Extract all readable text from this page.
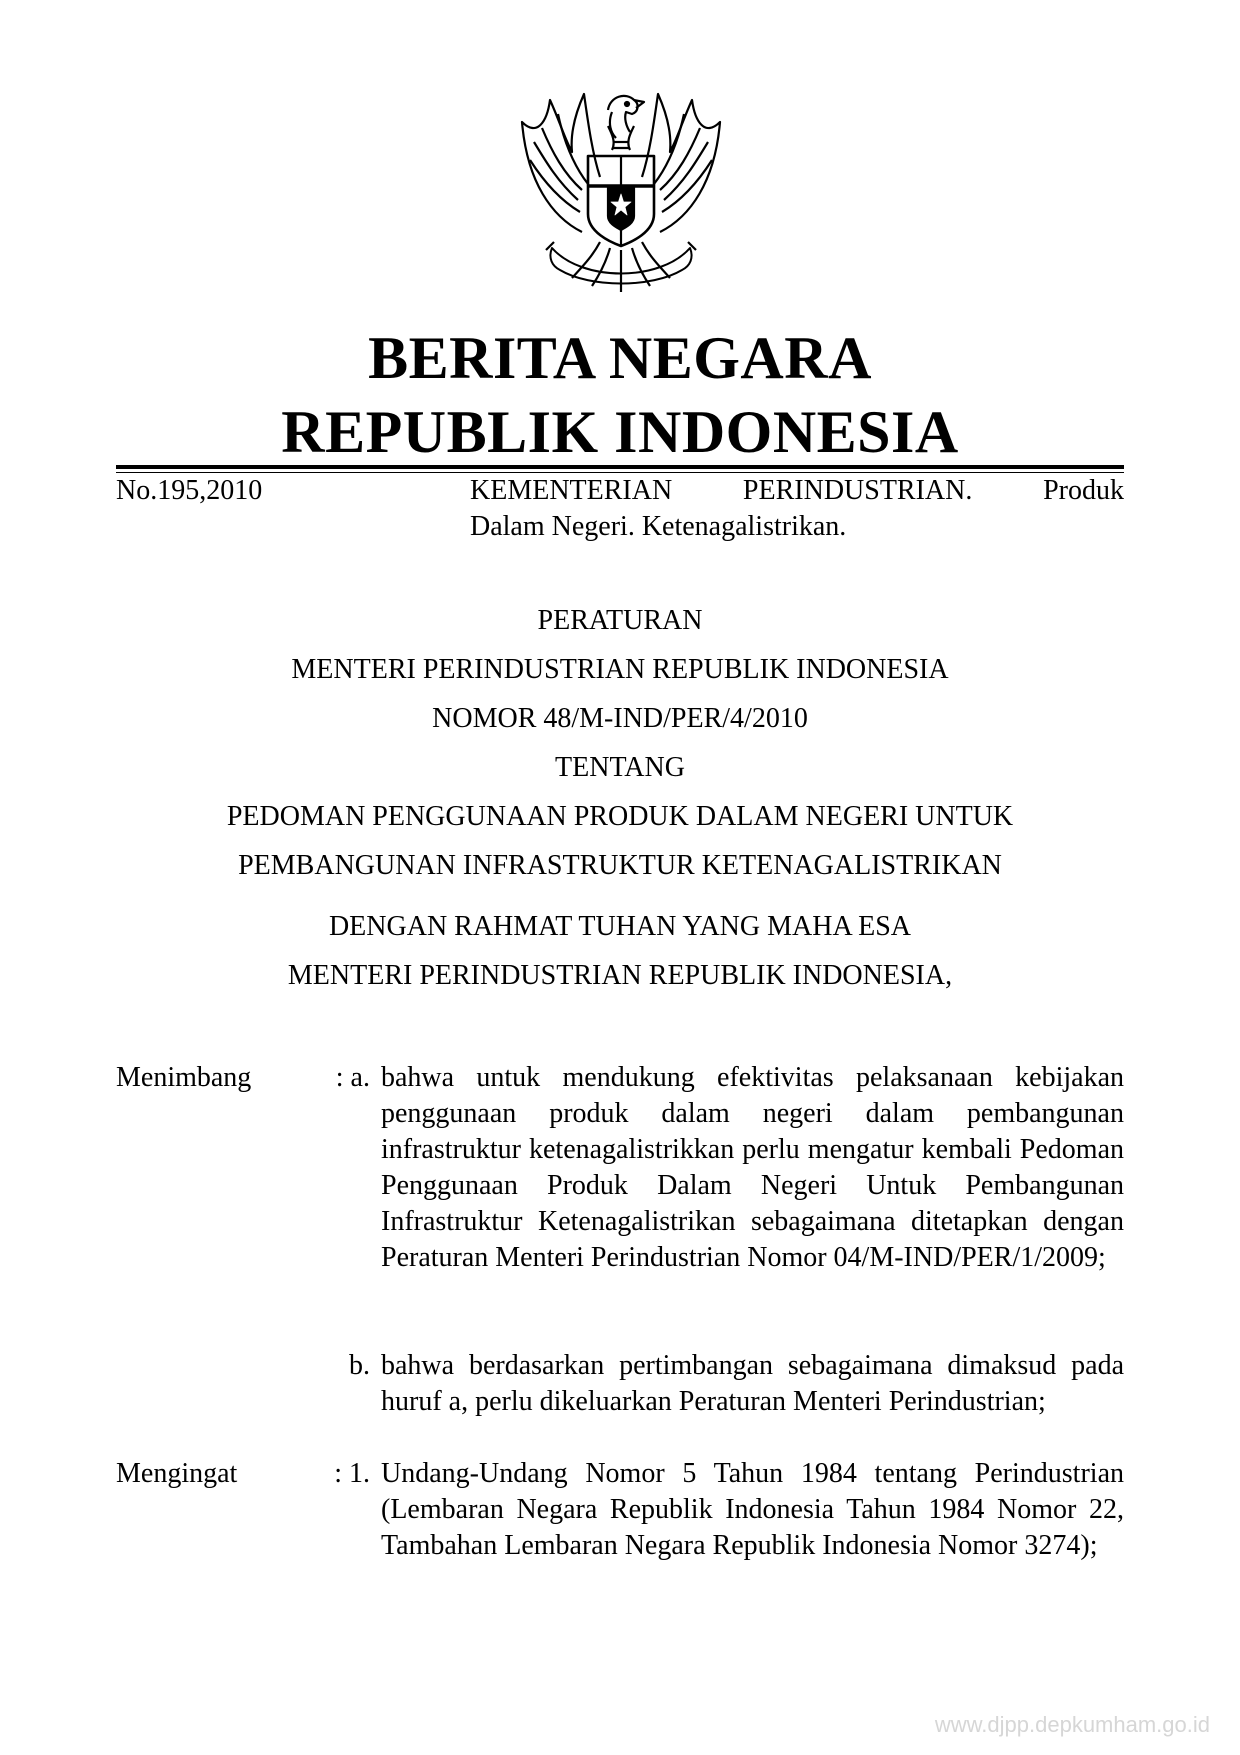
BERITA NEGARA
REPUBLIK INDONESIA
No.195,2010	KEMENTERIAN PERINDUSTRIAN. Produk
Dalam Negeri. Ketenagalistrikan.
PERATURAN
MENTERI PERINDUSTRIAN REPUBLIK INDONESIA
NOMOR 48/M-IND/PER/4/2010
TENTANG
PEDOMAN PENGGUNAAN PRODUK DALAM NEGERI UNTUK
PEMBANGUNAN INFRASTRUKTUR KETENAGALISTRIKAN
DENGAN RAHMAT TUHAN YANG MAHA ESA
MENTERI PERINDUSTRIAN REPUBLIK INDONESIA,
Menimbang	: a. bahwa untuk mendukung efektivitas pelaksanaan kebijakan penggunaan produk dalam negeri dalam pembangunan infrastruktur ketenagalistrikkan perlu mengatur kembali Pedoman Penggunaan Produk Dalam Negeri Untuk Pembangunan Infrastruktur Ketenagalistrikan sebagaimana ditetapkan dengan Peraturan Menteri Perindustrian Nomor 04/M-IND/PER/1/2009;
b. bahwa berdasarkan pertimbangan sebagaimana dimaksud pada huruf a, perlu dikeluarkan Peraturan Menteri Perindustrian;
Mengingat	: 1. Undang-Undang Nomor 5 Tahun 1984 tentang Perindustrian (Lembaran Negara Republik Indonesia Tahun 1984 Nomor 22, Tambahan Lembaran Negara Republik Indonesia Nomor 3274);
www.djpp.depkumham.go.id
